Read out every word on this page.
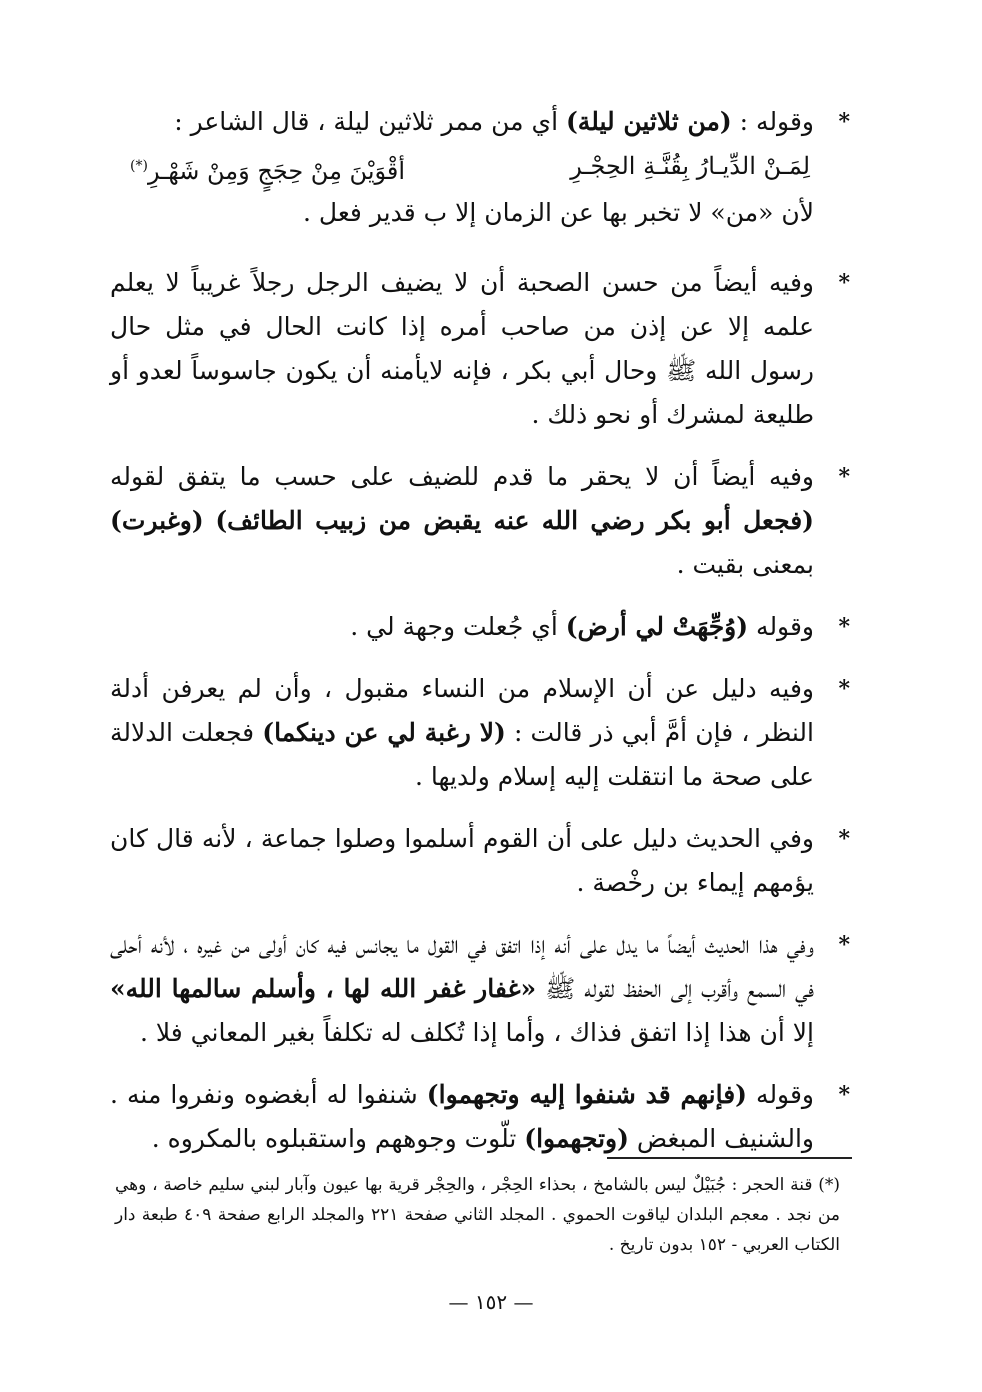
*
وقوله : (من ثلاثين ليلة) أي من ممر ثلاثين ليلة ، قال الشاعر :
لِمَـنْ الدِّيـارُ بِقُنَّـةِ الحِجْـرِ
أقْوَيْنَ مِنْ حِجَجٍ وَمِنْ شَهْـرِ(*)
لأن «من» لا تخبر بها عن الزمان إلا ب قدير فعل .
*
وفيه أيضاً من حسن الصحبة أن لا يضيف الرجل رجلاً غريباً لا يعلم علمه إلا عن إذن من صاحب أمره إذا كانت الحال في مثل حال رسول الله ﷺ وحال أبي بكر ، فإنه لايأمنه أن يكون جاسوساً لعدو أو طليعة لمشرك أو نحو ذلك .
*
وفيه أيضاً أن لا يحقر ما قدم للضيف على حسب ما يتفق لقوله (فجعل أبو بكر رضي الله عنه يقبض من زبيب الطائف) (وغبرت) بمعنى بقيت .
*
وقوله (وُجِّهَتْ لي أرض) أي جُعلت وجهة لي .
*
وفيه دليل عن أن الإسلام من النساء مقبول ، وأن لم يعرفن أدلة النظر ، فإن أمَّ أبي ذر قالت : (لا رغبة لي عن دينكما) فجعلت الدلالة على صحة ما انتقلت إليه إسلام ولديها .
*
وفي الحديث دليل على أن القوم أسلموا وصلوا جماعة ، لأنه قال كان يؤمهم إيماء بن رخْصة .
*
وفي هذا الحديث أيضاً ما يدل على أنه إذا اتفق في القول ما يجانس فيه كان أولى من غيره ، لأنه أحلى في السمع وأقرب إلى الحفظ لقوله ﷺ «غفار غفر الله لها ، وأسلم سالمها الله» إلا أن هذا إذا اتفق فذاك ، وأما إذا تُكلف له تكلفاً بغير المعاني فلا .
*
وقوله (فإنهم قد شنفوا إليه وتجهموا) شنفوا له أبغضوه ونفروا منه . والشنيف المبغض (وتجهموا) تلّوت وجوههم واستقبلوه بالمكروه .
(*) قنة الحجر : جُبَيْلٌ ليس بالشامخ ، بحذاء الحِجْر ، والحِجْر قرية بها عيون وآبار لبني سليم خاصة ، وهي من نجد . معجم البلدان لياقوت الحموي . المجلد الثاني صفحة ٢٢١ والمجلد الرابع صفحة ٤٠٩ طبعة دار الكتاب العربي - ١٥٢ بدون تاريخ .
— ١٥٢ —
